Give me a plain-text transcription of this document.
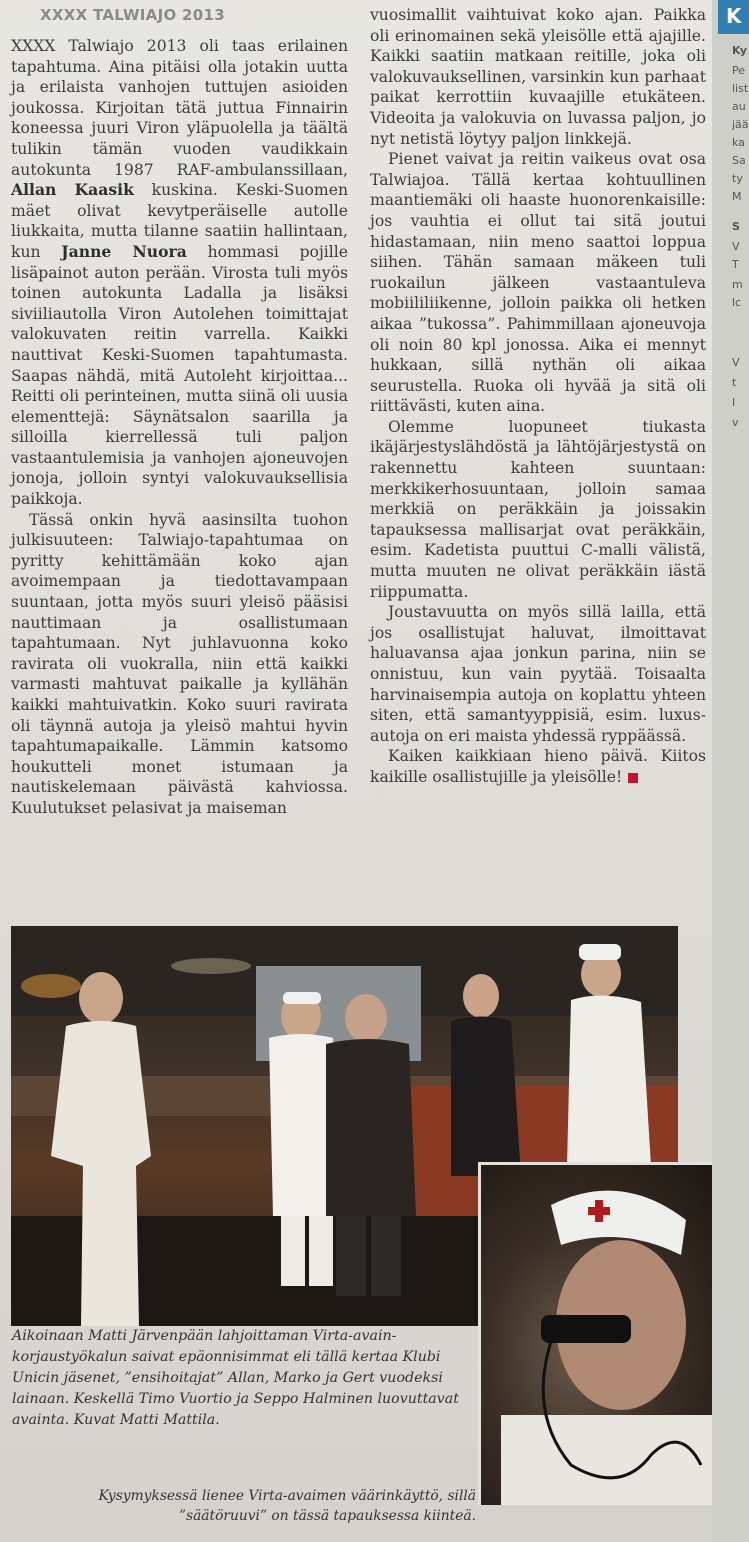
XXXX TALWIAJO 2013

XXXX Talwiajo 2013 oli taas erilainen tapahtuma. Aina pitäisi olla jotakin uutta ja erilaista vanhojen tuttujen asioiden joukossa. Kirjoitan tätä juttua Finnairin koneessa juuri Viron yläpuolella ja täältä tulikin tämän vuoden vaudikkain autokunta 1987 RAF-ambulanssillaan, Allan Kaasik kuskina. Keski-Suomen mäet olivat kevytperäiselle autolle liukkaita, mutta tilanne saatiin hallintaan, kun Janne Nuora hommasi pojille lisäpainot auton perään. Virosta tuli myös toinen autokunta Ladalla ja lisäksi siviiliautolla Viron Autolehen toimittajat valokuvaten reitin varrella. Kaikki nauttivat Keski-Suomen tapahtumasta. Saapas nähdä, mitä Autoleht kirjoittaa... Reitti oli perinteinen, mutta siinä oli uusia elementtejä: Säynätsalon saarilla ja silloilla kierrellessä tuli paljon vastaantulemisia ja vanhojen ajoneuvojen jonoja, jolloin syntyi valokuvauksellisia paikkoja.

Tässä onkin hyvä aasinsilta tuohon julkisuuteen: Talwiajo-tapahtumaa on pyritty kehittämään koko ajan avoimempaan ja tiedottavampaan suuntaan, jotta myös suuri yleisö pääsisi nauttimaan ja osallistumaan tapahtumaan. Nyt juhlavuonna koko ravirata oli vuokralla, niin että kaikki varmasti mahtuvat paikalle ja kyllähän kaikki mahtuivatkin. Koko suuri ravirata oli täynnä autoja ja yleisö mahtui hyvin tapahtumapaikalle. Lämmin katsomo houkutteli monet istumaan ja nautiskelemaan päivästä kahviossa. Kuulutukset pelasivat ja maiseman

vuosimallit vaihtuivat koko ajan. Paikka oli erinomainen sekä yleisölle että ajajille. Kaikki saatiin matkaan reitille, joka oli valokuvauksellinen, varsinkin kun parhaat paikat kerrottiin kuvaajille etukäteen. Videoita ja valokuvia on luvassa paljon, jo nyt netistä löytyy paljon linkkejä.

Pienet vaivat ja reitin vaikeus ovat osa Talwiajoa. Tällä kertaa kohtuullinen maantiemäki oli haaste huonorenkaisille: jos vauhtia ei ollut tai sitä joutui hidastamaan, niin meno saattoi loppua siihen. Tähän samaan mäkeen tuli ruokailun jälkeen vastaantuleva mobiililiikenne, jolloin paikka oli hetken aikaa ”tukossa”. Pahimmillaan ajoneuvoja oli noin 80 kpl jonossa. Aika ei mennyt hukkaan, sillä nythän oli aikaa seurustella. Ruoka oli hyvää ja sitä oli riittävästi, kuten aina.

Olemme luopuneet tiukasta ikäjärjestyslähdöstä ja lähtöjärjestystä on rakennettu kahteen suuntaan: merkkikerhosuuntaan, jolloin samaa merkkiä on peräkkäin ja joissakin tapauksessa mallisarjat ovat peräkkäin, esim. Kadetista puuttui C-malli välistä, mutta muuten ne olivat peräkkäin iästä riippumatta.

Joustavuutta on myös sillä lailla, että jos osallistujat haluvat, ilmoittavat haluavansa ajaa jonkun parina, niin se onnistuu, kun vain pyytää. Toisaalta harvinaisempia autoja on koplattu yhteen siten, että samantyyppisiä, esim. luxus-autoja on eri maista yhdessä ryppäässä.

Kaiken kaikkiaan hieno päivä. Kiitos kaikille osallistujille ja yleisölle!

Aikoinaan Matti Järvenpään lahjoittaman Virta-avain-korjaustyökalun saivat epäonnisimmat eli tällä kertaa Klubi Unicin jäsenet, ”ensihoitajat” Allan, Marko ja Gert vuodeksi lainaan. Keskellä Timo Vuortio ja Seppo Halminen luovuttavat avainta. Kuvat Matti Mattila.
Kysymyksessä lienee Virta-avaimen väärinkäyttö, sillä ”säätöruuvi” on tässä tapauksessa kiinteä.
K
Ky
Pe
list
au
jää
ka
Sa
ty
M
S
V
T
m
lc
V
t
I
v
